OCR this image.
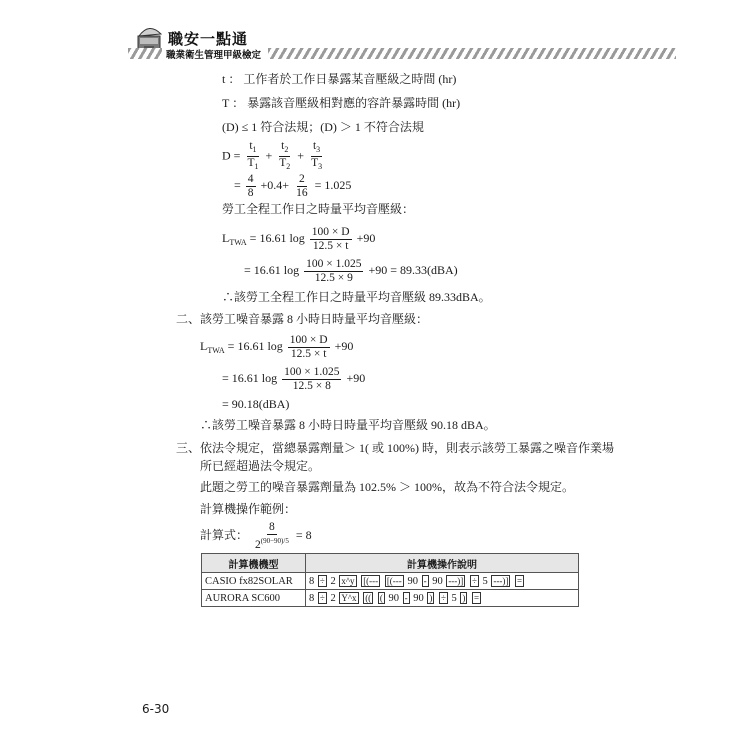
職安一點通
職業衛生管理甲級檢定
t ： 工作者於工作日暴露某音壓級之時間 (hr)
T ： 暴露該音壓級相對應的容許暴露時間 (hr)
(D) ≤ 1 符合法規；(D) ＞ 1 不符合法規
$D = \frac{t_1}{T_1} + \frac{t_2}{T_2} + \frac{t_3}{T_3}$
= $\frac{4}{8} +0.4+ \frac{2}{16} = 1.025$
勞工全程工作日之時量平均音壓級：
$L_{TWA} = 16.61$ $\log \frac{100 \times D}{12.5 \times t} +90$
= 16.61 $\log \frac{100 \times 1.025}{12.5 \times 9} +90 = 89.33(dBA)$
∴該勞工全程工作日之時量平均音壓級 89.33dBA。
二、該勞工噪音暴露 8 小時日時量平均音壓級：
$L_{TWA} = 16.61$ $\log \frac{100 \times D}{12.5 \times t} +90$
= 16.61 $\log \frac{100 \times 1.025}{12.5 \times 8} +90$
= 90.18(dBA)
∴該勞工噪音暴露 8 小時日時量平均音壓級 90.18 dBA。
三、依法令規定，當總暴露劑量＞ 1( 或 100%) 時，則表示該勞工暴露之噪音作業場
所已經超過法令規定。
此題之勞工的噪音暴露劑量為 102.5% ＞ 100%，故為不符合法令規定。
計算機操作範例：
計算式： $\frac{8}{2^{(90-90)/5}} = 8$
計算機機型	計算機操作說明
CASIO fx82SOLAR	8 ÷ 2 x^y [(--- [(--- 90 - 90 ---)] ÷ 5 ---)] =
AURORA SC600	8 ÷ 2 Y^x (( ( 90 - 90 ) ÷ 5 ) =
6-30
